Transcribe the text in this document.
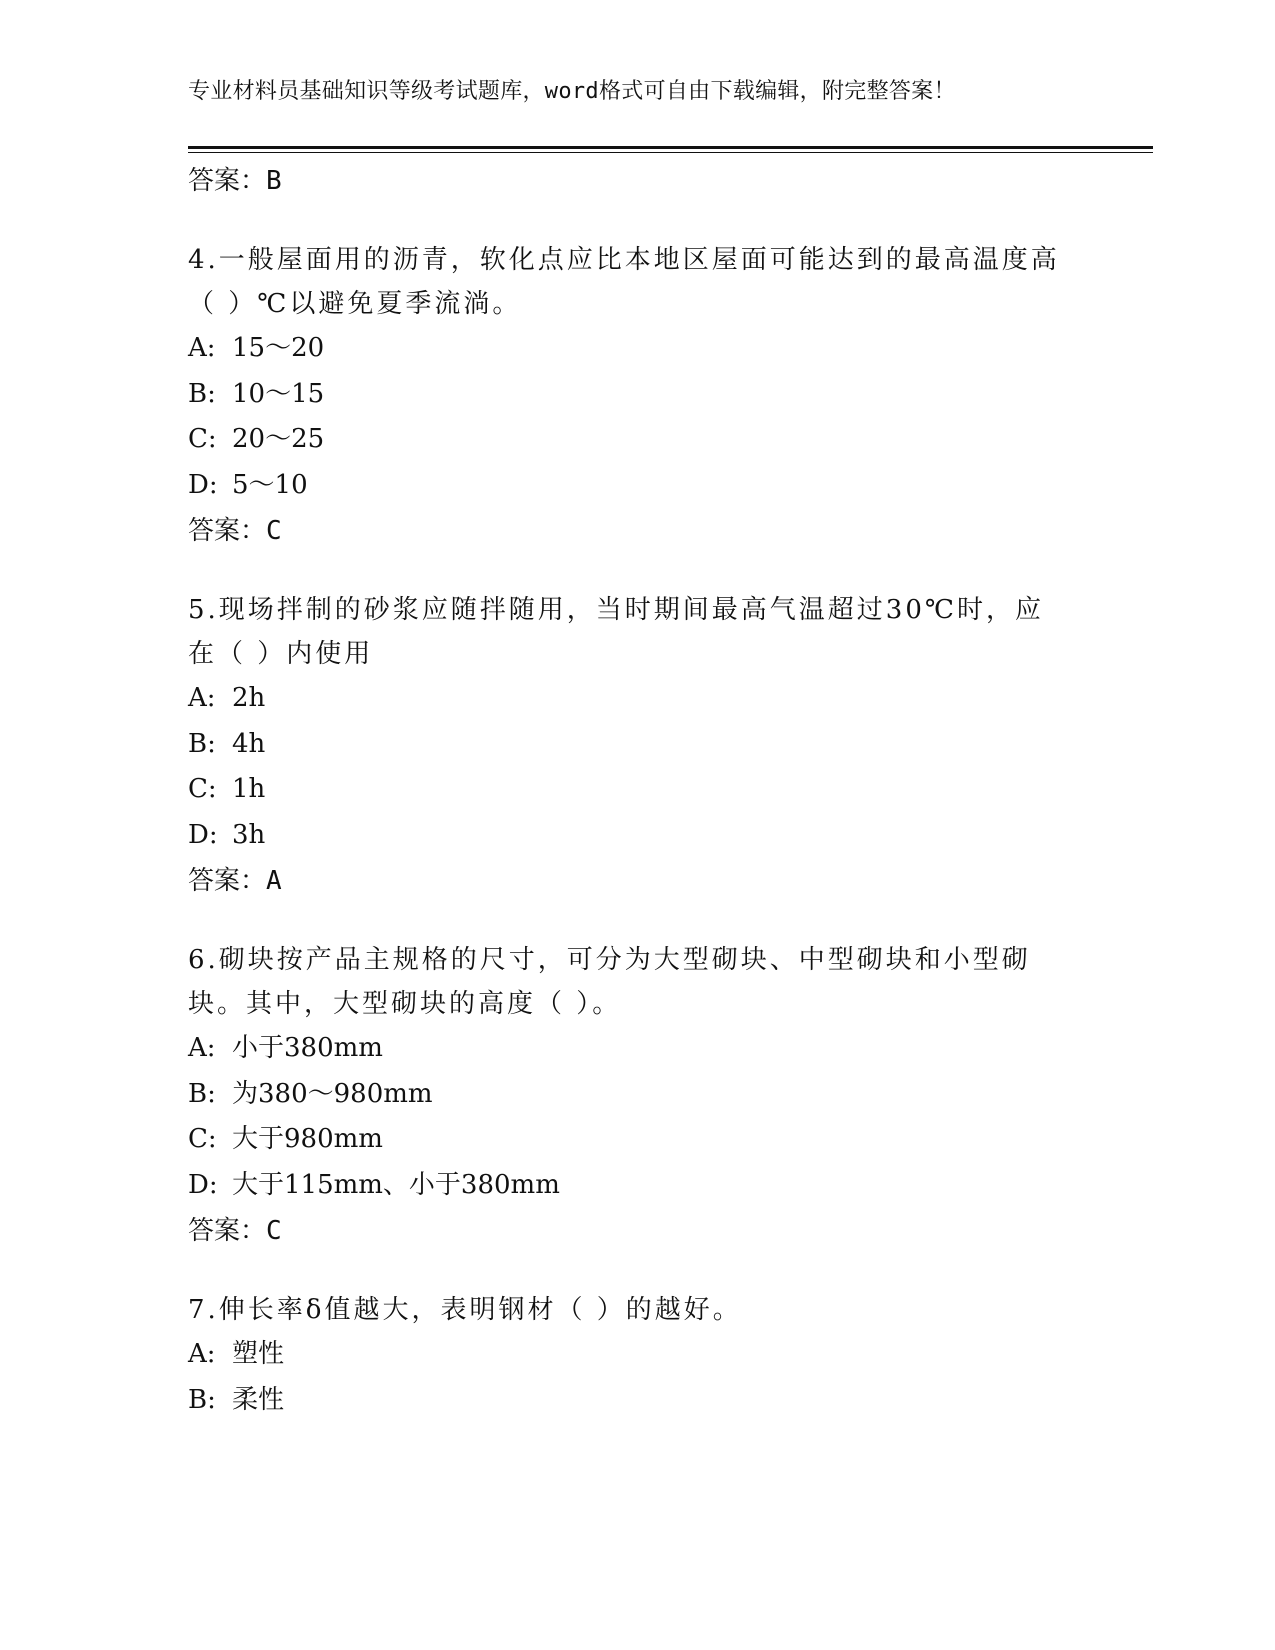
专业材料员基础知识等级考试题库，word格式可自由下载编辑，附完整答案！
答案：B
4.一般屋面用的沥青，软化点应比本地区屋面可能达到的最高温度高（ ）℃以避免夏季流淌。
A: 15～20
B: 10～15
C: 20～25
D: 5～10
答案：C
5.现场拌制的砂浆应随拌随用，当时期间最高气温超过30℃时，应在（ ）内使用
A: 2h
B: 4h
C: 1h
D: 3h
答案：A
6.砌块按产品主规格的尺寸，可分为大型砌块、中型砌块和小型砌块。其中，大型砌块的高度（ ）。
A: 小于380mm
B: 为380～980mm
C: 大于980mm
D: 大于115mm、小于380mm
答案：C
7.伸长率δ值越大，表明钢材（ ）的越好。
A: 塑性
B: 柔性
